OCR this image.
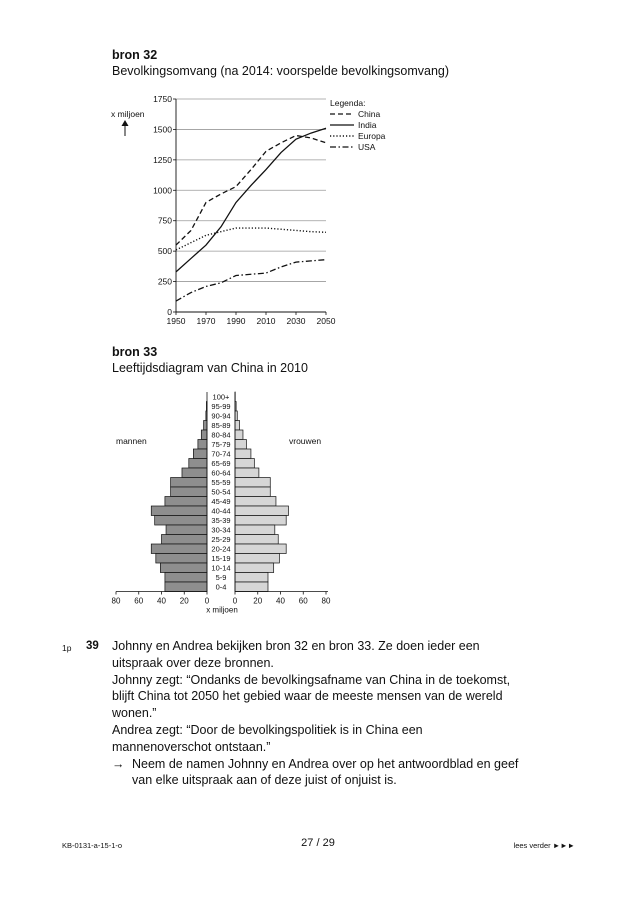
bron 32
Bevolkingsomvang (na 2014: voorspelde bevolkingsomvang)
0
250
500
750
1000
1250
1500
1750
1950 1970 1990 2010 2030 2050
x miljoen
Legenda:
China
India
Europa
USA
bron 33
Leeftijdsdiagram van China in 2010
100+
95-99
90-94
85-89
80-84
75-79
70-74
65-69
60-64
55-59
50-54
45-49
40-44
35-39
30-34
25-29
20-24
15-19
10-14
5-9
0-4
80 60 40 20 0	0 20 40 60 80
mannen	vrouwen
x miljoen
1p 39 Johnny en Andrea bekijken bron 32 en bron 33. Ze doen ieder een

uitspraak over deze bronnen.

Johnny zegt: “Ondanks de bevolkingsafname van China in de toekomst,

blijft China tot 2050 het gebied waar de meeste mensen van de wereld

wonen.”

Andrea zegt: “Door de bevolkingspolitiek is in China een

mannenoverschot ontstaan.”

→ Neem de namen Johnny en Andrea over op het antwoordblad en geef

van elke uitspraak aan of deze juist of onjuist is.

KB-0131-a-15-1-o	27 / 29	lees verder ►►►
